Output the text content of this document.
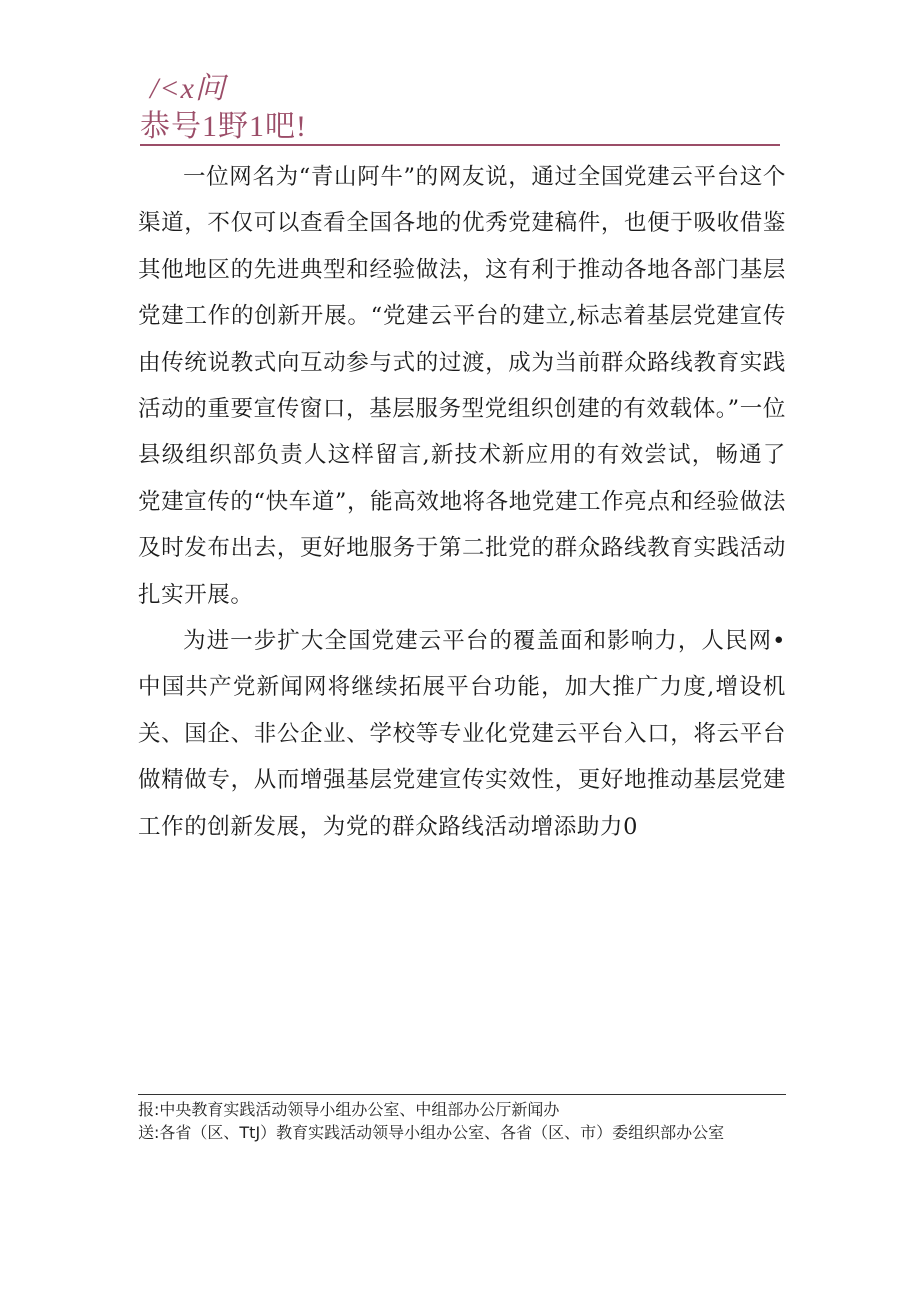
/<x问
恭号1野1吧!

一位网名为“青山阿牛”的网友说，通过全国党建云平台这个渠道，不仅可以查看全国各地的优秀党建稿件，也便于吸收借鉴其他地区的先进典型和经验做法，这有利于推动各地各部门基层党建工作的创新开展。“党建云平台的建立,标志着基层党建宣传由传统说教式向互动参与式的过渡，成为当前群众路线教育实践活动的重要宣传窗口，基层服务型党组织创建的有效载体。”一位县级组织部负责人这样留言,新技术新应用的有效尝试，畅通了党建宣传的“快车道”，能高效地将各地党建工作亮点和经验做法及时发布出去，更好地服务于第二批党的群众路线教育实践活动扎实开展。

为进一步扩大全国党建云平台的覆盖面和影响力，人民网•中国共产党新闻网将继续拓展平台功能，加大推广力度,增设机关、国企、非公企业、学校等专业化党建云平台入口，将云平台做精做专，从而增强基层党建宣传实效性，更好地推动基层党建工作的创新发展，为党的群众路线活动增添助力0

报: 中央教育实践活动领导小组办公室、中组部办公厅新闻办
送: 各省（区、TtJ）教育实践活动领导小组办公室、各省（区、市）委组织部办公室
